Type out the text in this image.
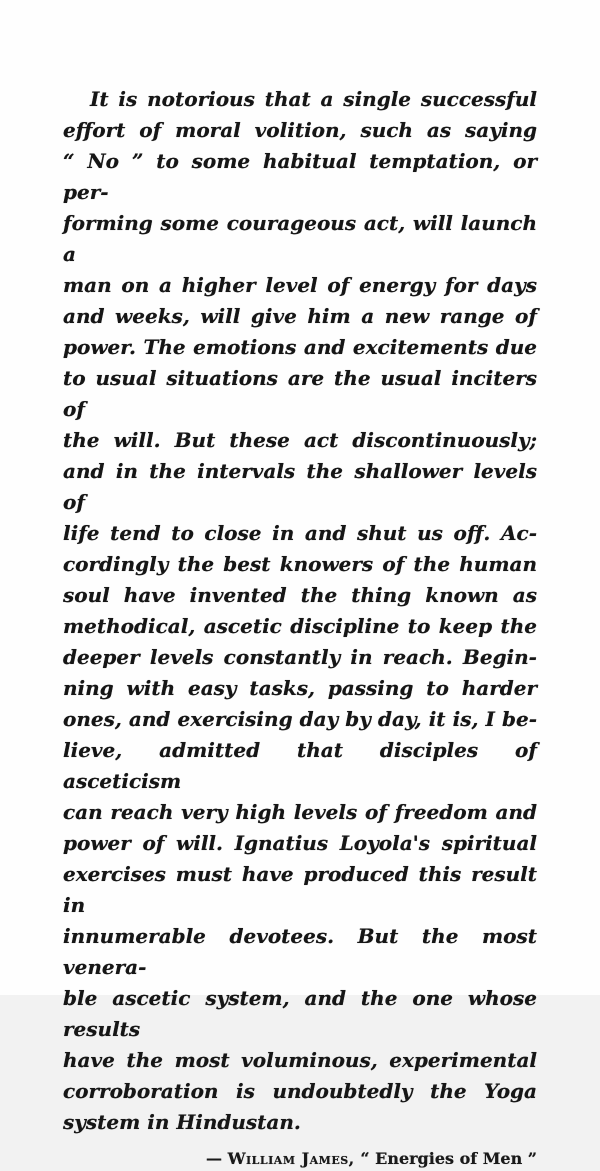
It is notorious that a single successful
effort of moral volition, such as saying
“ No ” to some habitual temptation, or per-
forming some courageous act, will launch a
man on a higher level of energy for days
and weeks, will give him a new range of
power. The emotions and excitements due
to usual situations are the usual inciters of
the will. But these act discontinuously;
and in the intervals the shallower levels of
life tend to close in and shut us off. Ac-
cordingly the best knowers of the human
soul have invented the thing known as
methodical, ascetic discipline to keep the
deeper levels constantly in reach. Begin-
ning with easy tasks, passing to harder
ones, and exercising day by day, it is, I be-
lieve, admitted that disciples of asceticism
can reach very high levels of freedom and
power of will. Ignatius Loyola's spiritual
exercises must have produced this result in
innumerable devotees. But the most venera-
ble ascetic system, and the one whose results
have the most voluminous, experimental
corroboration is undoubtedly the Yoga
system in Hindustan.
— William James, “ Energies of Men ”
